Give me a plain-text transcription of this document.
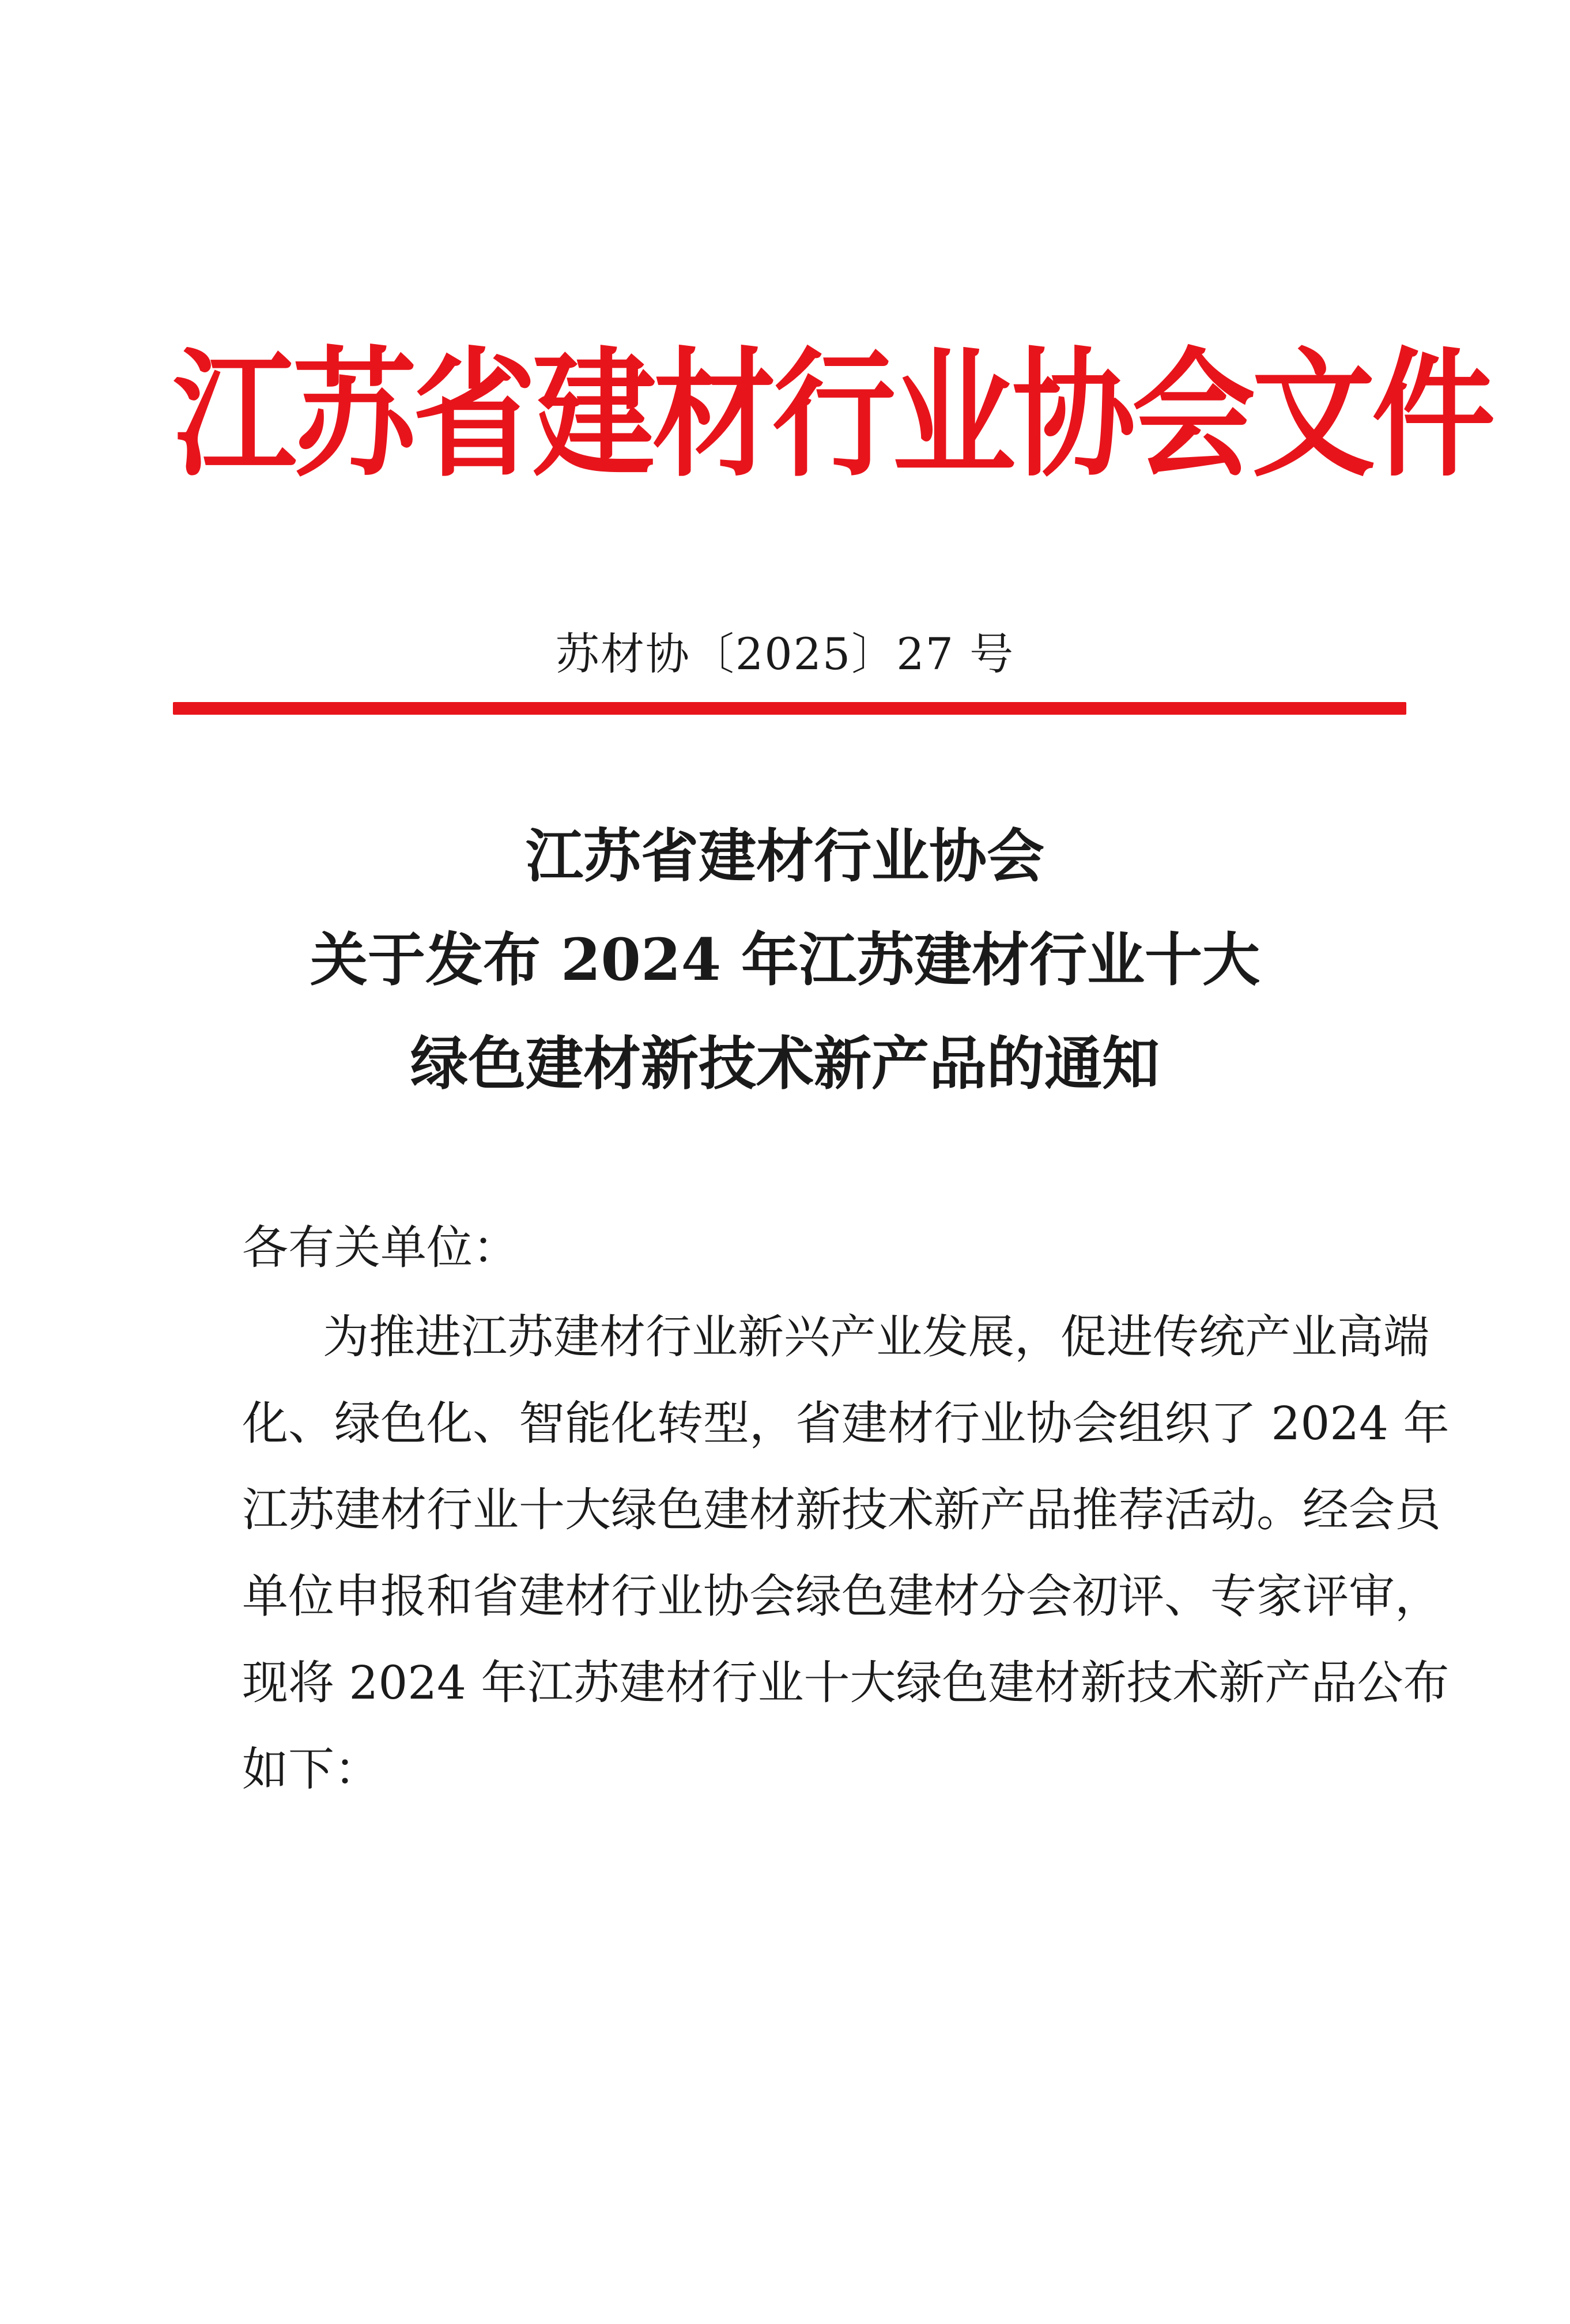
江苏省建材行业协会文件
苏材协〔2025〕27 号
江苏省建材行业协会
关于发布 2024 年江苏建材行业十大
绿色建材新技术新产品的通知
各有关单位：
为推进江苏建材行业新兴产业发展，促进传统产业高端
化、绿色化、智能化转型，省建材行业协会组织了 2024 年
江苏建材行业十大绿色建材新技术新产品推荐活动。经会员
单位申报和省建材行业协会绿色建材分会初评、专家评审，
现将 2024 年江苏建材行业十大绿色建材新技术新产品公布
如下：
